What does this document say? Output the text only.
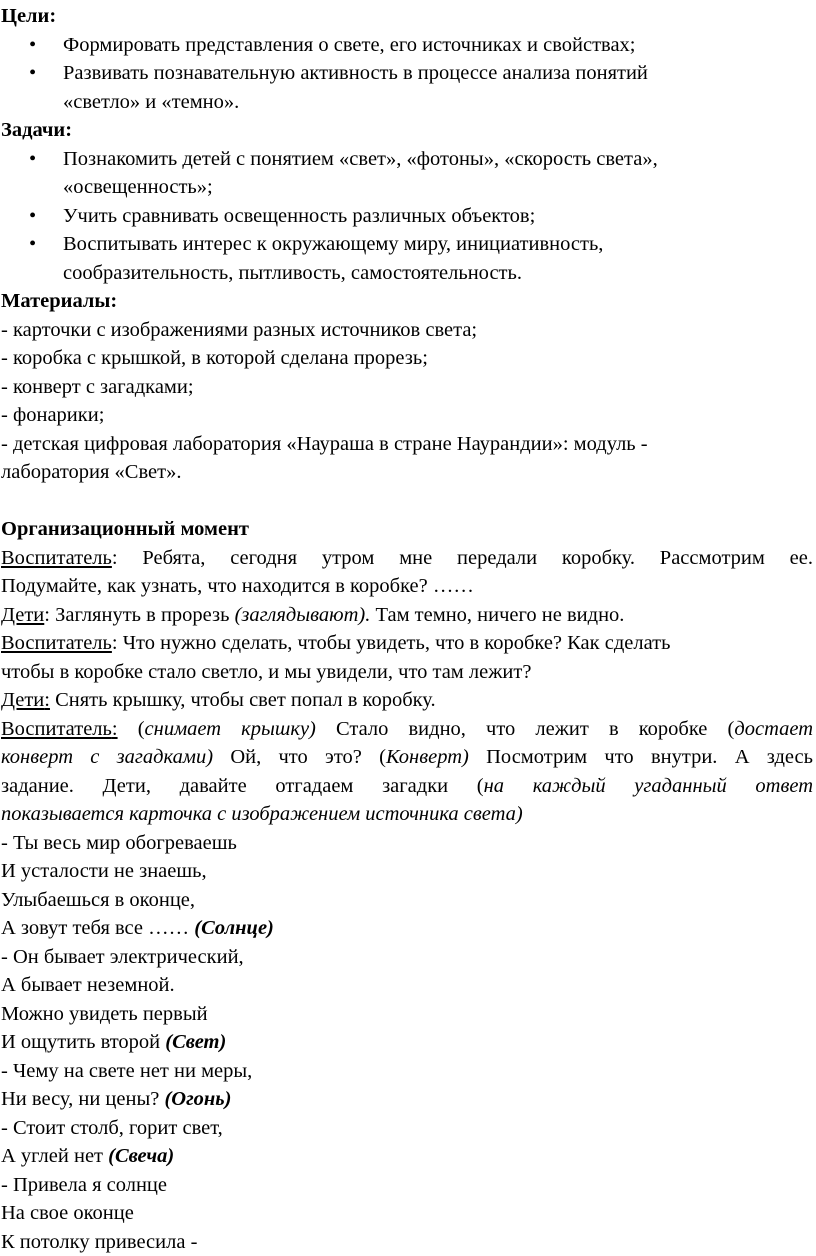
Цели:
• Формировать представления о свете, его источниках и свойствах;
• Развивать познавательную активность в процессе анализа понятий
«светло» и «темно».
Задачи:
• Познакомить детей с понятием «свет», «фотоны», «скорость света»,
«освещенность»;
• Учить сравнивать освещенность различных объектов;
• Воспитывать интерес к окружающему миру, инициативность,
сообразительность, пытливость, самостоятельность.
Материалы:
- карточки с изображениями разных источников света;
- коробка с крышкой, в которой сделана прорезь;
- конверт с загадками;
- фонарики;
- детская цифровая лаборатория «Наураша в стране Наурандии»: модуль -
лаборатория «Свет».
Организационный момент
Воспитатель: Ребята, сегодня утром мне передали коробку. Рассмотрим ее.
Подумайте, как узнать, что находится в коробке? ……
Дети: Заглянуть в прорезь (заглядывают). Там темно, ничего не видно.
Воспитатель: Что нужно сделать, чтобы увидеть, что в коробке? Как сделать
чтобы в коробке стало светло, и мы увидели, что там лежит?
Дети: Снять крышку, чтобы свет попал в коробку.
Воспитатель: (снимает крышку) Стало видно, что лежит в коробке (достает
конверт с загадками) Ой, что это? (Конверт) Посмотрим что внутри. А здесь
задание. Дети, давайте отгадаем загадки (на каждый угаданный ответ
показывается карточка с изображением источника света)
- Ты весь мир обогреваешь
И усталости не знаешь,
Улыбаешься в оконце,
А зовут тебя все …… (Солнце)
- Он бывает электрический,
А бывает неземной.
Можно увидеть первый
И ощутить второй (Свет)
- Чему на свете нет ни меры,
Ни весу, ни цены? (Огонь)
- Стоит столб, горит свет,
А углей нет (Свеча)
- Привела я солнце
На свое оконце
К потолку привесила -
